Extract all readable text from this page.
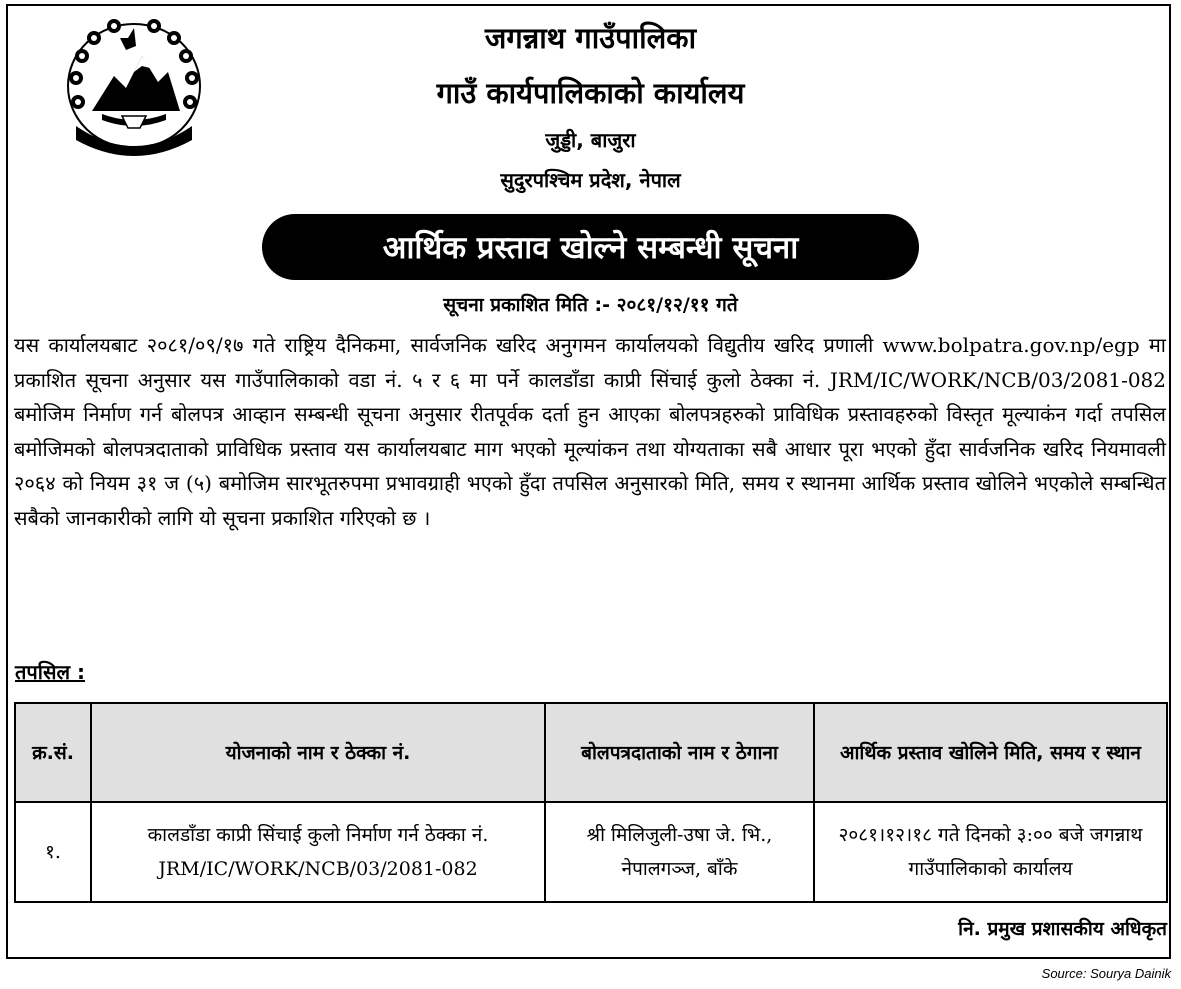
नेपाल सरकार
जगन्नाथ गाउँपालिका
गाउँ कार्यपालिकाको कार्यालय
जुड्डी, बाजुरा
सुदुरपश्चिम प्रदेश, नेपाल
आर्थिक प्रस्ताव खोल्ने सम्बन्धी सूचना
सूचना प्रकाशित मिति :- २०८१/१२/११ गते
यस कार्यालयबाट २०८१/०९/१७ गते राष्ट्रिय दैनिकमा, सार्वजनिक खरिद अनुगमन कार्यालयको विद्युतीय खरिद प्रणाली www.bolpatra.gov.np/egp मा प्रकाशित सूचना अनुसार यस गाउँपालिकाको वडा नं. ५ र ६ मा पर्ने कालडाँडा काप्री सिंचाई कुलो ठेक्का नं. JRM/IC/WORK/NCB/03/2081-082 बमोजिम निर्माण गर्न बोलपत्र आव्हान सम्बन्धी सूचना अनुसार रीतपूर्वक दर्ता हुन आएका बोलपत्रहरुको प्राविधिक प्रस्तावहरुको विस्तृत मूल्याकंन गर्दा तपसिल बमोजिमको बोलपत्रदाताको प्राविधिक प्रस्ताव यस कार्यालयबाट माग भएको मूल्यांकन तथा योग्यताका सबै आधार पूरा भएको हुँदा सार्वजनिक खरिद नियमावली २०६४ को नियम ३१ ज (५) बमोजिम सारभूतरुपमा प्रभावग्राही भएको हुँदा तपसिल अनुसारको मिति, समय र स्थानमा आर्थिक प्रस्ताव खोलिने भएकोले सम्बन्धित सबैको जानकारीको लागि यो सूचना प्रकाशित गरिएको छ ।
तपसिल :
क्र.सं.	योजनाको नाम र ठेक्का नं.	बोलपत्रदाताको नाम र ठेगाना	आर्थिक प्रस्ताव खोलिने मिति, समय र स्थान
१.	कालडाँडा काप्री सिंचाई कुलो निर्माण गर्न ठेक्का नं. JRM/IC/WORK/NCB/03/2081-082	श्री मिलिजुली-उषा जे. भि., नेपालगञ्ज, बाँके	२०८१।१२।१८ गते दिनको ३:०० बजे जगन्नाथ गाउँपालिकाको कार्यालय
नि. प्रमुख प्रशासकीय अधिकृत
Source: Sourya Dainik
